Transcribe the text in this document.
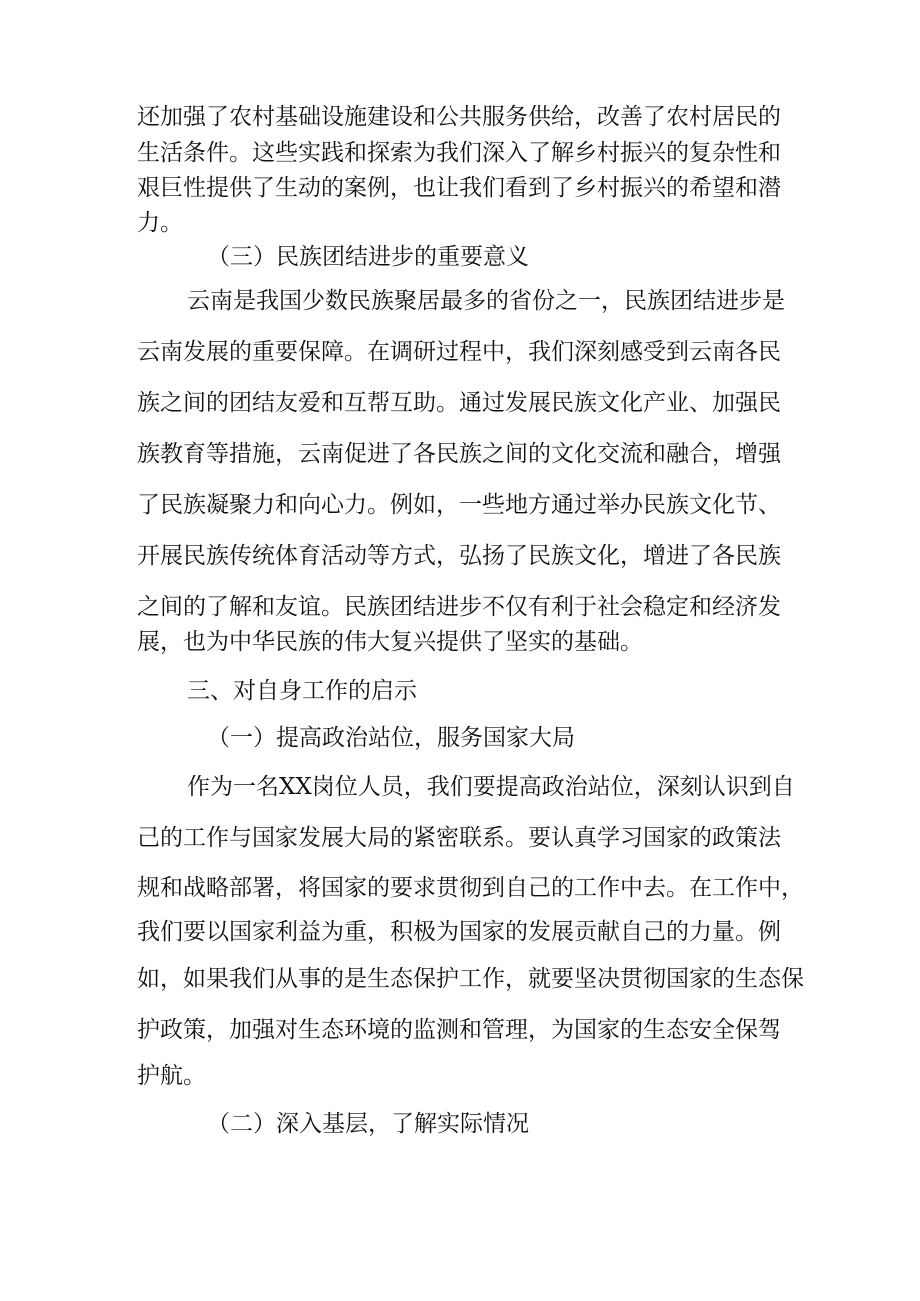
还加强了农村基础设施建设和公共服务供给，改善了农村居民的
生活条件。这些实践和探索为我们深入了解乡村振兴的复杂性和
艰巨性提供了生动的案例，也让我们看到了乡村振兴的希望和潜
力。
（三）民族团结进步的重要意义
云南是我国少数民族聚居最多的省份之一，民族团结进步是
云南发展的重要保障。在调研过程中，我们深刻感受到云南各民
族之间的团结友爱和互帮互助。通过发展民族文化产业、加强民
族教育等措施，云南促进了各民族之间的文化交流和融合，增强
了民族凝聚力和向心力。例如，一些地方通过举办民族文化节、
开展民族传统体育活动等方式，弘扬了民族文化，增进了各民族
之间的了解和友谊。民族团结进步不仅有利于社会稳定和经济发
展，也为中华民族的伟大复兴提供了坚实的基础。
三、对自身工作的启示
（一）提高政治站位，服务国家大局
作为一名XX岗位人员，我们要提高政治站位，深刻认识到自
己的工作与国家发展大局的紧密联系。要认真学习国家的政策法
规和战略部署，将国家的要求贯彻到自己的工作中去。在工作中，
我们要以国家利益为重，积极为国家的发展贡献自己的力量。例
如，如果我们从事的是生态保护工作，就要坚决贯彻国家的生态保
护政策，加强对生态环境的监测和管理，为国家的生态安全保驾
护航。
（二）深入基层，了解实际情况
